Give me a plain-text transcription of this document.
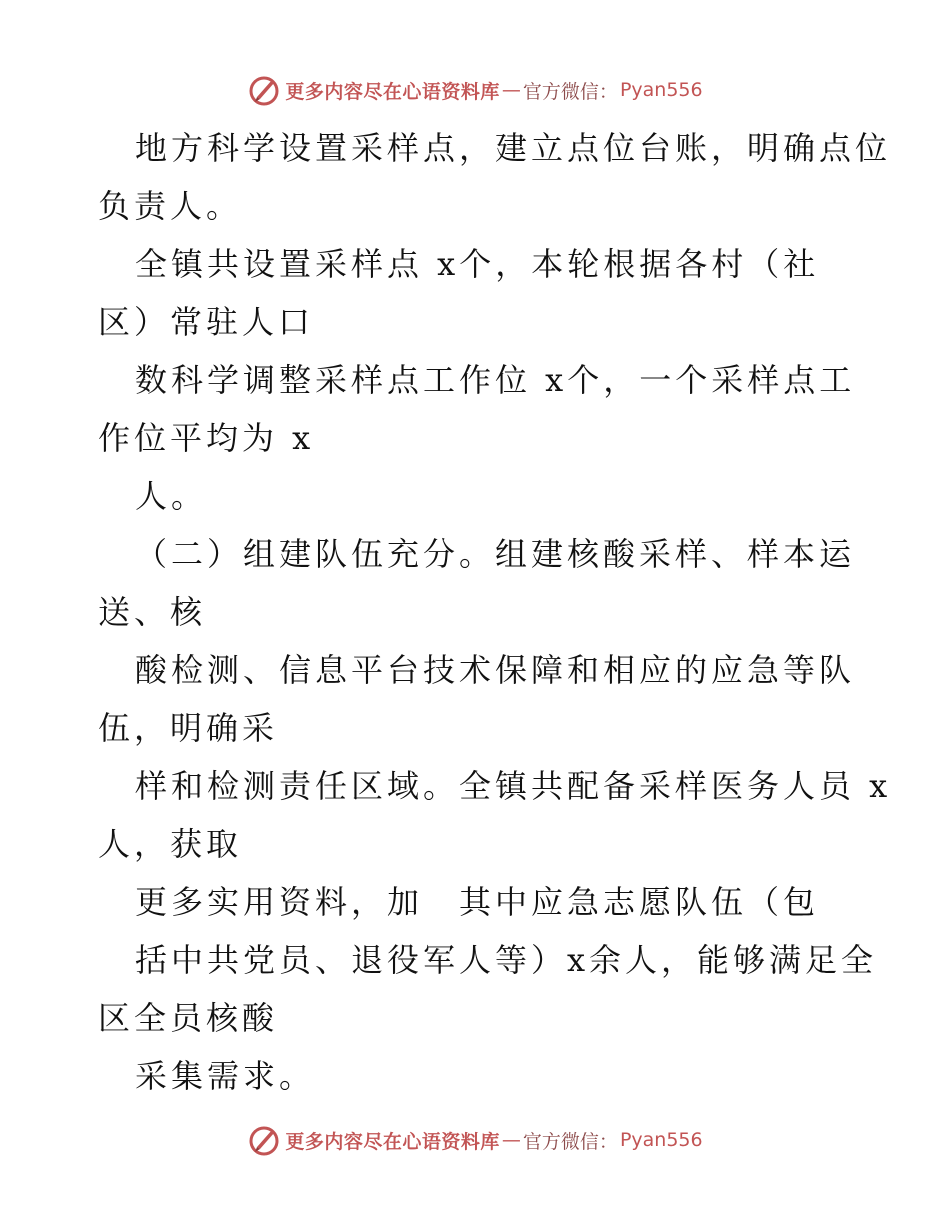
更多内容尽在心语资料库 — 官方微信： Pyan556
地方科学设置采样点，建立点位台账，明确点位
负责人。
全镇共设置采样点 x个，本轮根据各村（社
区）常驻人口
数科学调整采样点工作位 x个，一个采样点工
作位平均为 x
人。
（二）组建队伍充分。组建核酸采样、样本运
送、核
酸检测、信息平台技术保障和相应的应急等队
伍，明确采
样和检测责任区域。全镇共配备采样医务人员 x
人，获取
更多实用资料，加　其中应急志愿队伍（包
括中共党员、退役军人等）x余人，能够满足全
区全员核酸
采集需求。
更多内容尽在心语资料库 — 官方微信： Pyan556
